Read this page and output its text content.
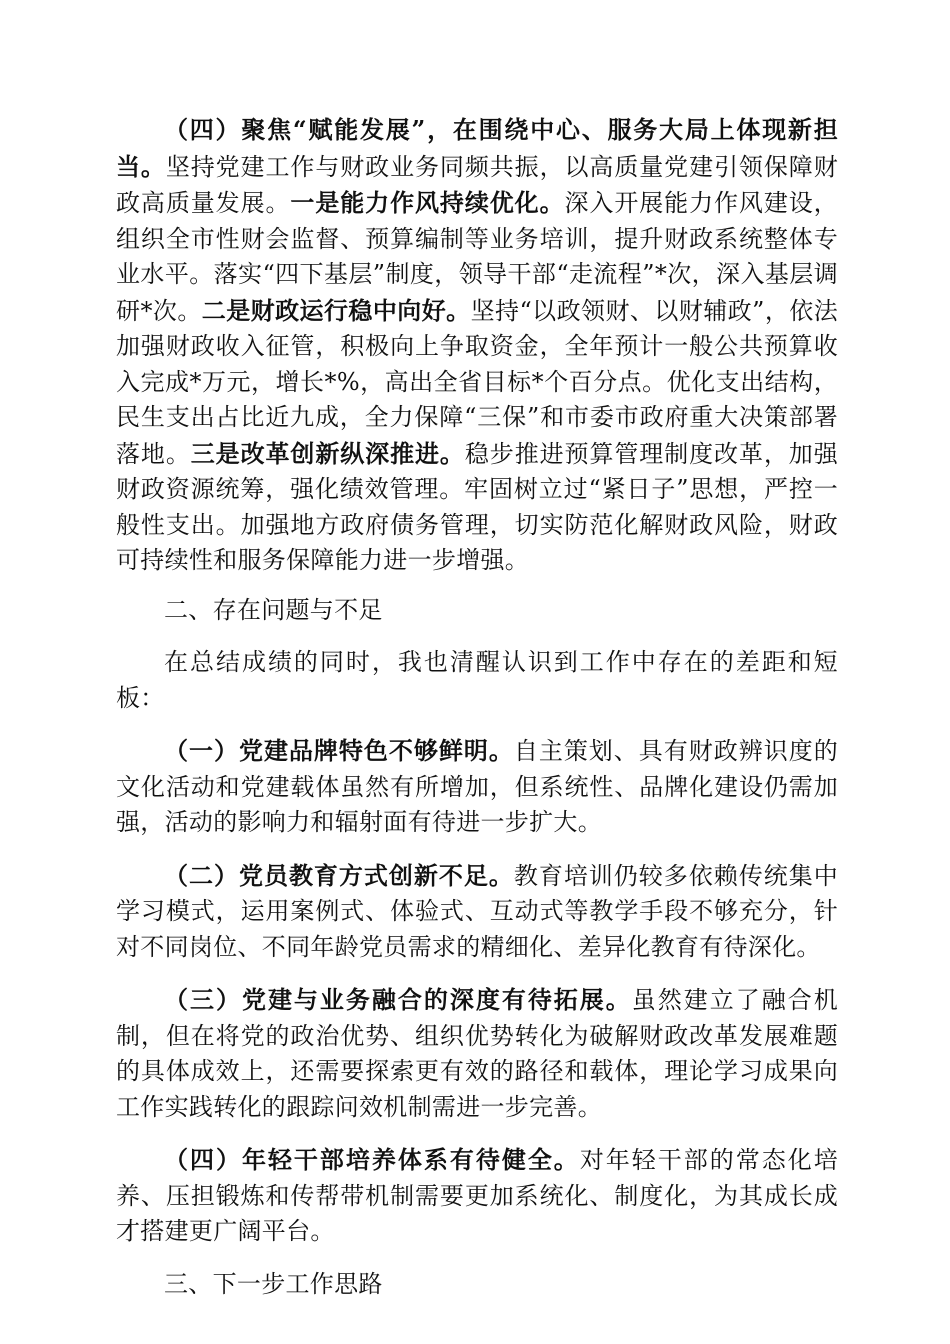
（四）聚焦“赋能发展”，在围绕中心、服务大局上体现新担当。坚持党建工作与财政业务同频共振，以高质量党建引领保障财政高质量发展。一是能力作风持续优化。深入开展能力作风建设，组织全市性财会监督、预算编制等业务培训，提升财政系统整体专业水平。落实“四下基层”制度，领导干部“走流程”*次，深入基层调研*次。二是财政运行稳中向好。坚持“以政领财、以财辅政”，依法加强财政收入征管，积极向上争取资金，全年预计一般公共预算收入完成*万元，增长*%，高出全省目标*个百分点。优化支出结构，民生支出占比近九成，全力保障“三保”和市委市政府重大决策部署落地。三是改革创新纵深推进。稳步推进预算管理制度改革，加强财政资源统筹，强化绩效管理。牢固树立过“紧日子”思想，严控一般性支出。加强地方政府债务管理，切实防范化解财政风险，财政可持续性和服务保障能力进一步增强。

二、存在问题与不足

在总结成绩的同时，我也清醒认识到工作中存在的差距和短板：

（一）党建品牌特色不够鲜明。自主策划、具有财政辨识度的文化活动和党建载体虽然有所增加，但系统性、品牌化建设仍需加强，活动的影响力和辐射面有待进一步扩大。

（二）党员教育方式创新不足。教育培训仍较多依赖传统集中学习模式，运用案例式、体验式、互动式等教学手段不够充分，针对不同岗位、不同年龄党员需求的精细化、差异化教育有待深化。

（三）党建与业务融合的深度有待拓展。虽然建立了融合机制，但在将党的政治优势、组织优势转化为破解财政改革发展难题的具体成效上，还需要探索更有效的路径和载体，理论学习成果向工作实践转化的跟踪问效机制需进一步完善。

（四）年轻干部培养体系有待健全。对年轻干部的常态化培养、压担锻炼和传帮带机制需要更加系统化、制度化，为其成长成才搭建更广阔平台。

三、下一步工作思路
